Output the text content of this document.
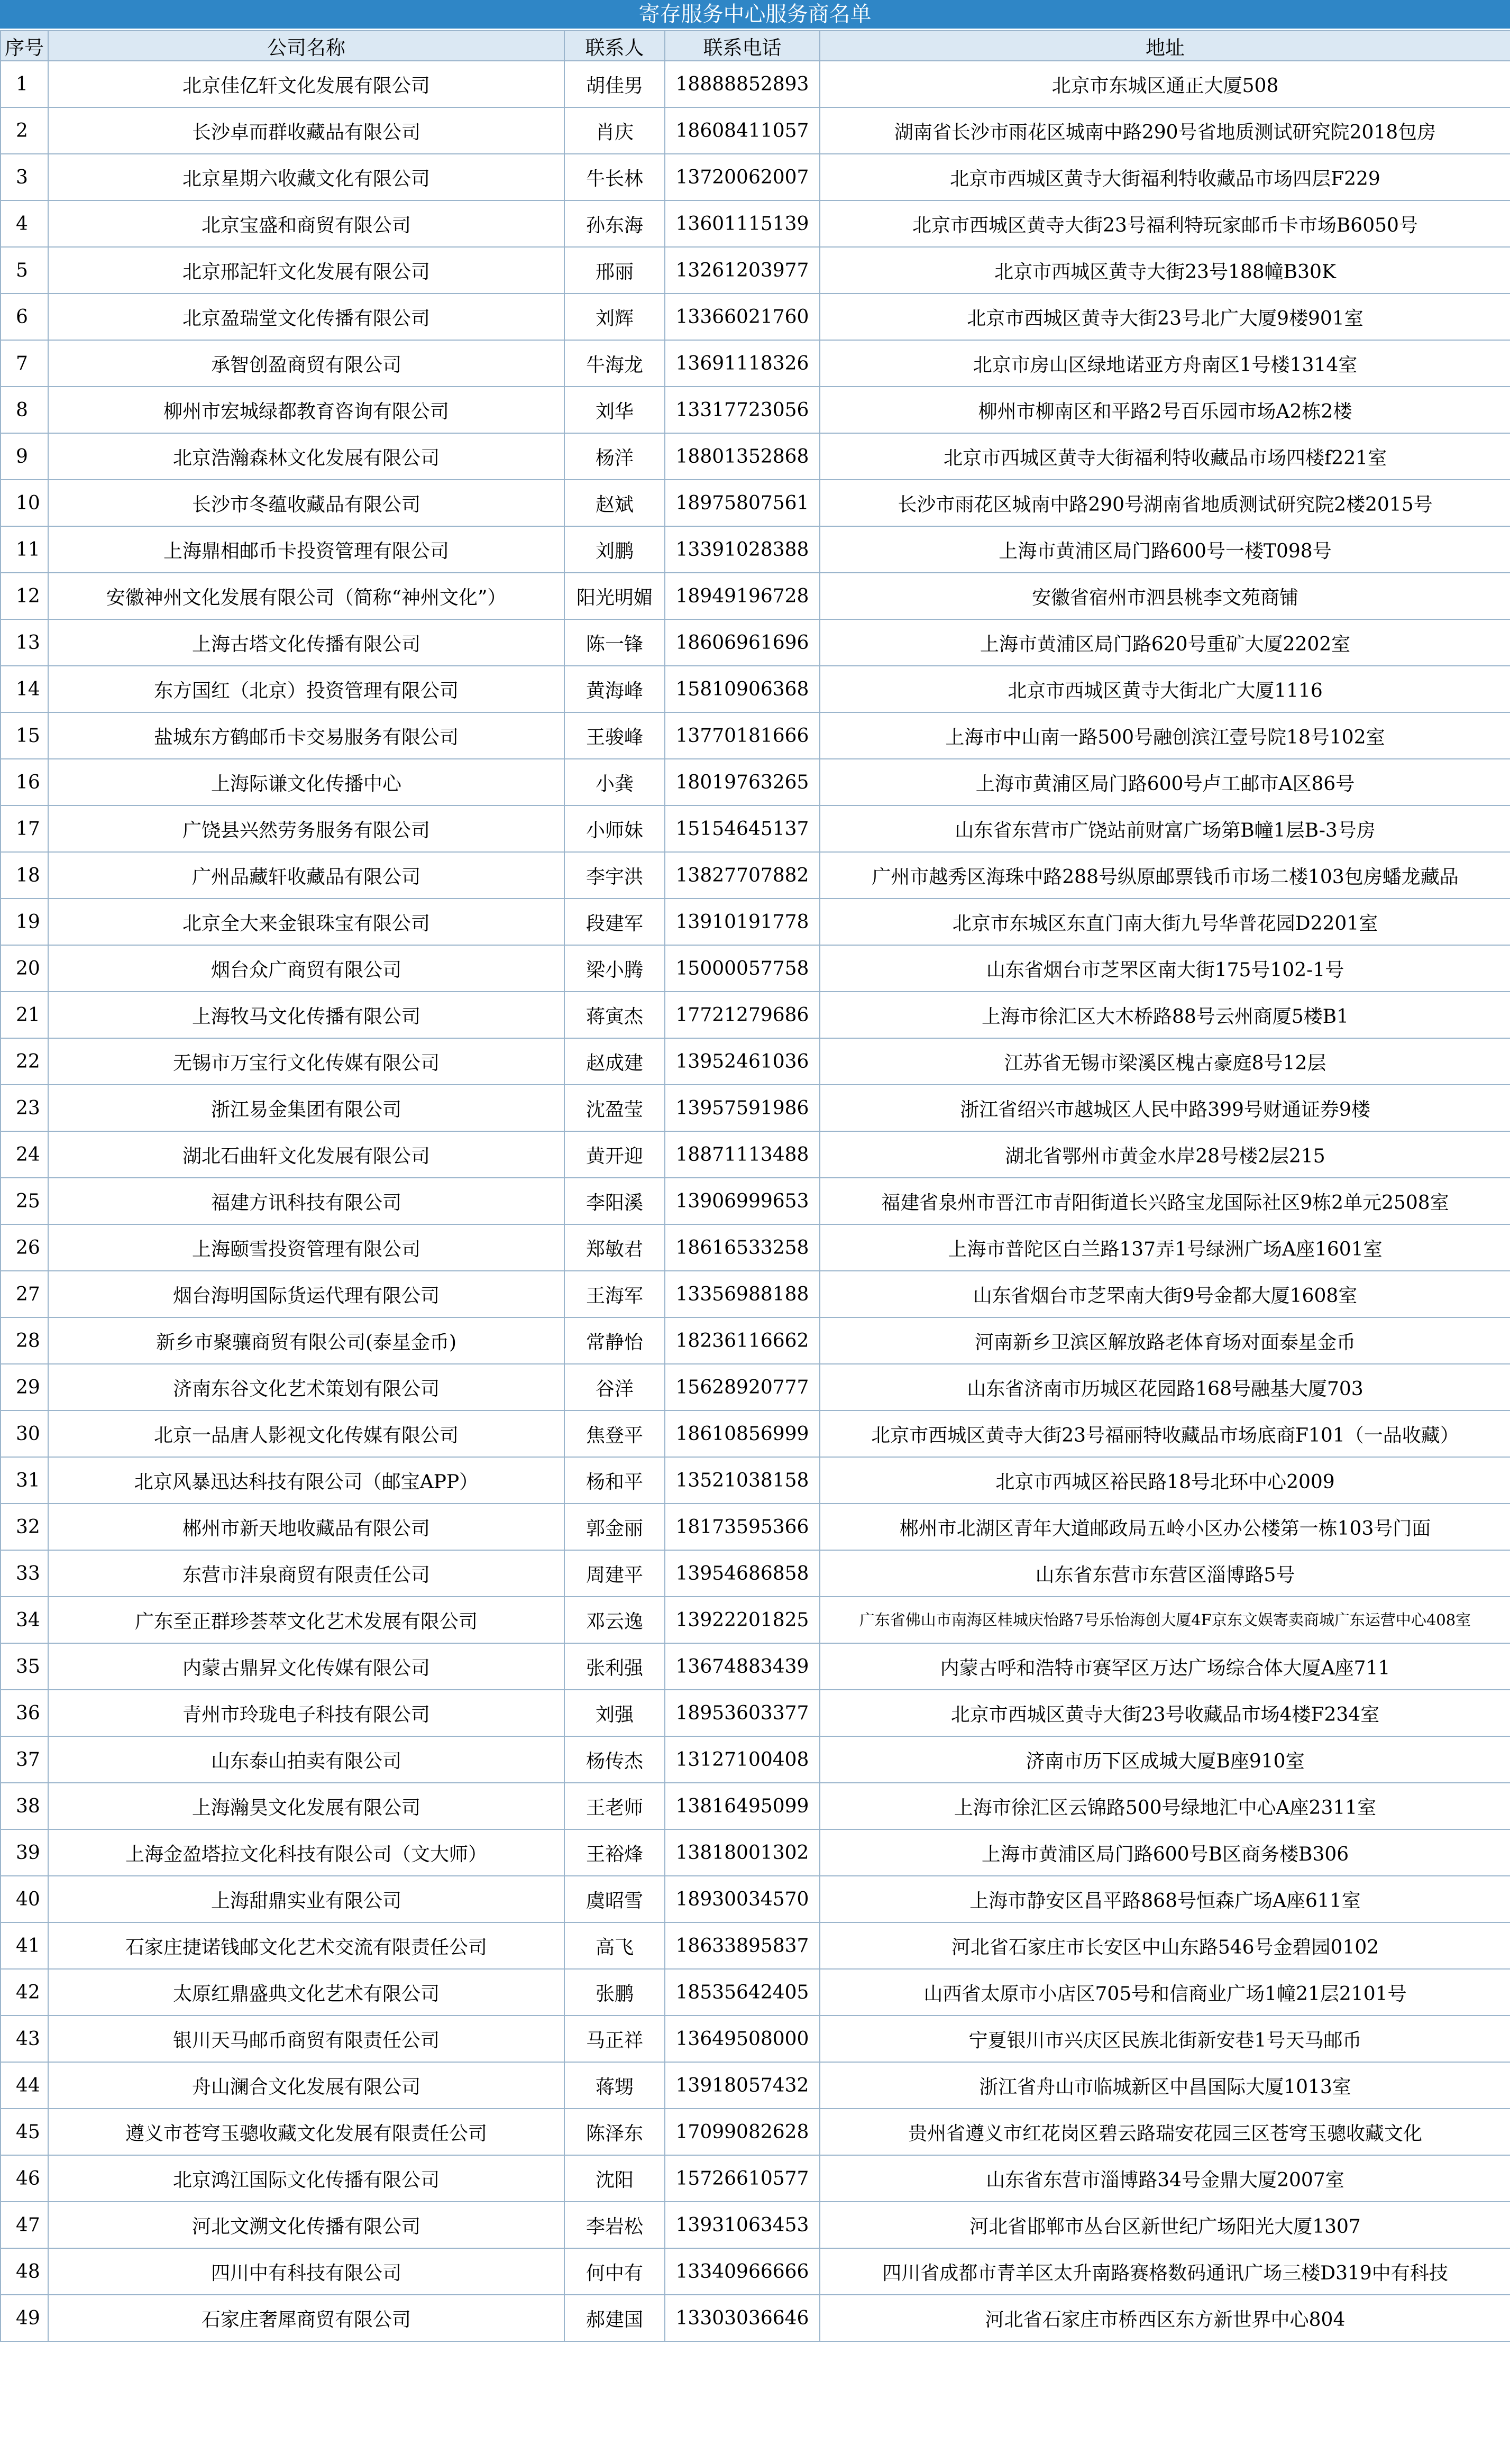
寄存服务中心服务商名单
序号	公司名称	联系人	联系电话	地址
1	北京佳亿轩文化发展有限公司	胡佳男	18888852893	北京市东城区通正大厦508
2	长沙卓而群收藏品有限公司	肖庆	18608411057	湖南省长沙市雨花区城南中路290号省地质测试研究院2018包房
3	北京星期六收藏文化有限公司	牛长林	13720062007	北京市西城区黄寺大街福利特收藏品市场四层F229
4	北京宝盛和商贸有限公司	孙东海	13601115139	北京市西城区黄寺大街23号福利特玩家邮币卡市场B6050号
5	北京邢記轩文化发展有限公司	邢丽	13261203977	北京市西城区黄寺大街23号188幢B30K
6	北京盈瑞堂文化传播有限公司	刘辉	13366021760	北京市西城区黄寺大街23号北广大厦9楼901室
7	承智创盈商贸有限公司	牛海龙	13691118326	北京市房山区绿地诺亚方舟南区1号楼1314室
8	柳州市宏城绿都教育咨询有限公司	刘华	13317723056	柳州市柳南区和平路2号百乐园市场A2栋2楼
9	北京浩瀚森林文化发展有限公司	杨洋	18801352868	北京市西城区黄寺大街福利特收藏品市场四楼f221室
10	长沙市冬蕴收藏品有限公司	赵斌	18975807561	长沙市雨花区城南中路290号湖南省地质测试研究院2楼2015号
11	上海鼎相邮币卡投资管理有限公司	刘鹏	13391028388	上海市黄浦区局门路600号一楼T098号
12	安徽神州文化发展有限公司（简称“神州文化”）	阳光明媚	18949196728	安徽省宿州市泗县桃李文苑商铺
13	上海古塔文化传播有限公司	陈一锋	18606961696	上海市黄浦区局门路620号重矿大厦2202室
14	东方国红（北京）投资管理有限公司	黄海峰	15810906368	北京市西城区黄寺大街北广大厦1116
15	盐城东方鹤邮币卡交易服务有限公司	王骏峰	13770181666	上海市中山南一路500号融创滨江壹号院18号102室
16	上海际谦文化传播中心	小龚	18019763265	上海市黄浦区局门路600号卢工邮市A区86号
17	广饶县兴然劳务服务有限公司	小师妹	15154645137	山东省东营市广饶站前财富广场第B幢1层B-3号房
18	广州品藏轩收藏品有限公司	李宇洪	13827707882	广州市越秀区海珠中路288号纵原邮票钱币市场二楼103包房蟠龙藏品
19	北京全大来金银珠宝有限公司	段建军	13910191778	北京市东城区东直门南大街九号华普花园D2201室
20	烟台众广商贸有限公司	梁小腾	15000057758	山东省烟台市芝罘区南大街175号102-1号
21	上海牧马文化传播有限公司	蒋寅杰	17721279686	上海市徐汇区大木桥路88号云州商厦5楼B1
22	无锡市万宝行文化传媒有限公司	赵成建	13952461036	江苏省无锡市梁溪区槐古豪庭8号12层
23	浙江易金集团有限公司	沈盈莹	13957591986	浙江省绍兴市越城区人民中路399号财通证券9楼
24	湖北石曲轩文化发展有限公司	黄开迎	18871113488	湖北省鄂州市黄金水岸28号楼2层215
25	福建方讯科技有限公司	李阳溪	13906999653	福建省泉州市晋江市青阳街道长兴路宝龙国际社区9栋2单元2508室
26	上海颐雪投资管理有限公司	郑敏君	18616533258	上海市普陀区白兰路137弄1号绿洲广场A座1601室
27	烟台海明国际货运代理有限公司	王海军	13356988188	山东省烟台市芝罘南大街9号金都大厦1608室
28	新乡市聚骧商贸有限公司(泰星金币)	常静怡	18236116662	河南新乡卫滨区解放路老体育场对面泰星金币
29	济南东谷文化艺术策划有限公司	谷洋	15628920777	山东省济南市历城区花园路168号融基大厦703
30	北京一品唐人影视文化传媒有限公司	焦登平	18610856999	北京市西城区黄寺大街23号福丽特收藏品市场底商F101（一品收藏）
31	北京风暴迅达科技有限公司（邮宝APP）	杨和平	13521038158	北京市西城区裕民路18号北环中心2009
32	郴州市新天地收藏品有限公司	郭金丽	18173595366	郴州市北湖区青年大道邮政局五岭小区办公楼第一栋103号门面
33	东营市沣泉商贸有限责任公司	周建平	13954686858	山东省东营市东营区淄博路5号
34	广东至正群珍荟萃文化艺术发展有限公司	邓云逸	13922201825	广东省佛山市南海区桂城庆怡路7号乐怡海创大厦4F京东文娱寄卖商城广东运营中心408室
35	内蒙古鼎昇文化传媒有限公司	张利强	13674883439	内蒙古呼和浩特市赛罕区万达广场综合体大厦A座711
36	青州市玲珑电子科技有限公司	刘强	18953603377	北京市西城区黄寺大街23号收藏品市场4楼F234室
37	山东泰山拍卖有限公司	杨传杰	13127100408	济南市历下区成城大厦B座910室
38	上海瀚昊文化发展有限公司	王老师	13816495099	上海市徐汇区云锦路500号绿地汇中心A座2311室
39	上海金盈塔拉文化科技有限公司（文大师）	王裕烽	13818001302	上海市黄浦区局门路600号B区商务楼B306
40	上海甜鼎实业有限公司	虞昭雪	18930034570	上海市静安区昌平路868号恒森广场A座611室
41	石家庄捷诺钱邮文化艺术交流有限责任公司	高飞	18633895837	河北省石家庄市长安区中山东路546号金碧园0102
42	太原红鼎盛典文化艺术有限公司	张鹏	18535642405	山西省太原市小店区705号和信商业广场1幢21层2101号
43	银川天马邮币商贸有限责任公司	马正祥	13649508000	宁夏银川市兴庆区民族北街新安巷1号天马邮币
44	舟山澜合文化发展有限公司	蒋甥	13918057432	浙江省舟山市临城新区中昌国际大厦1013室
45	遵义市苍穹玉骢收藏文化发展有限责任公司	陈泽东	17099082628	贵州省遵义市红花岗区碧云路瑞安花园三区苍穹玉骢收藏文化
46	北京鸿江国际文化传播有限公司	沈阳	15726610577	山东省东营市淄博路34号金鼎大厦2007室
47	河北文溯文化传播有限公司	李岩松	13931063453	河北省邯郸市丛台区新世纪广场阳光大厦1307
48	四川中有科技有限公司	何中有	13340966666	四川省成都市青羊区太升南路赛格数码通讯广场三楼D319中有科技
49	石家庄奢犀商贸有限公司	郝建国	13303036646	河北省石家庄市桥西区东方新世界中心804
